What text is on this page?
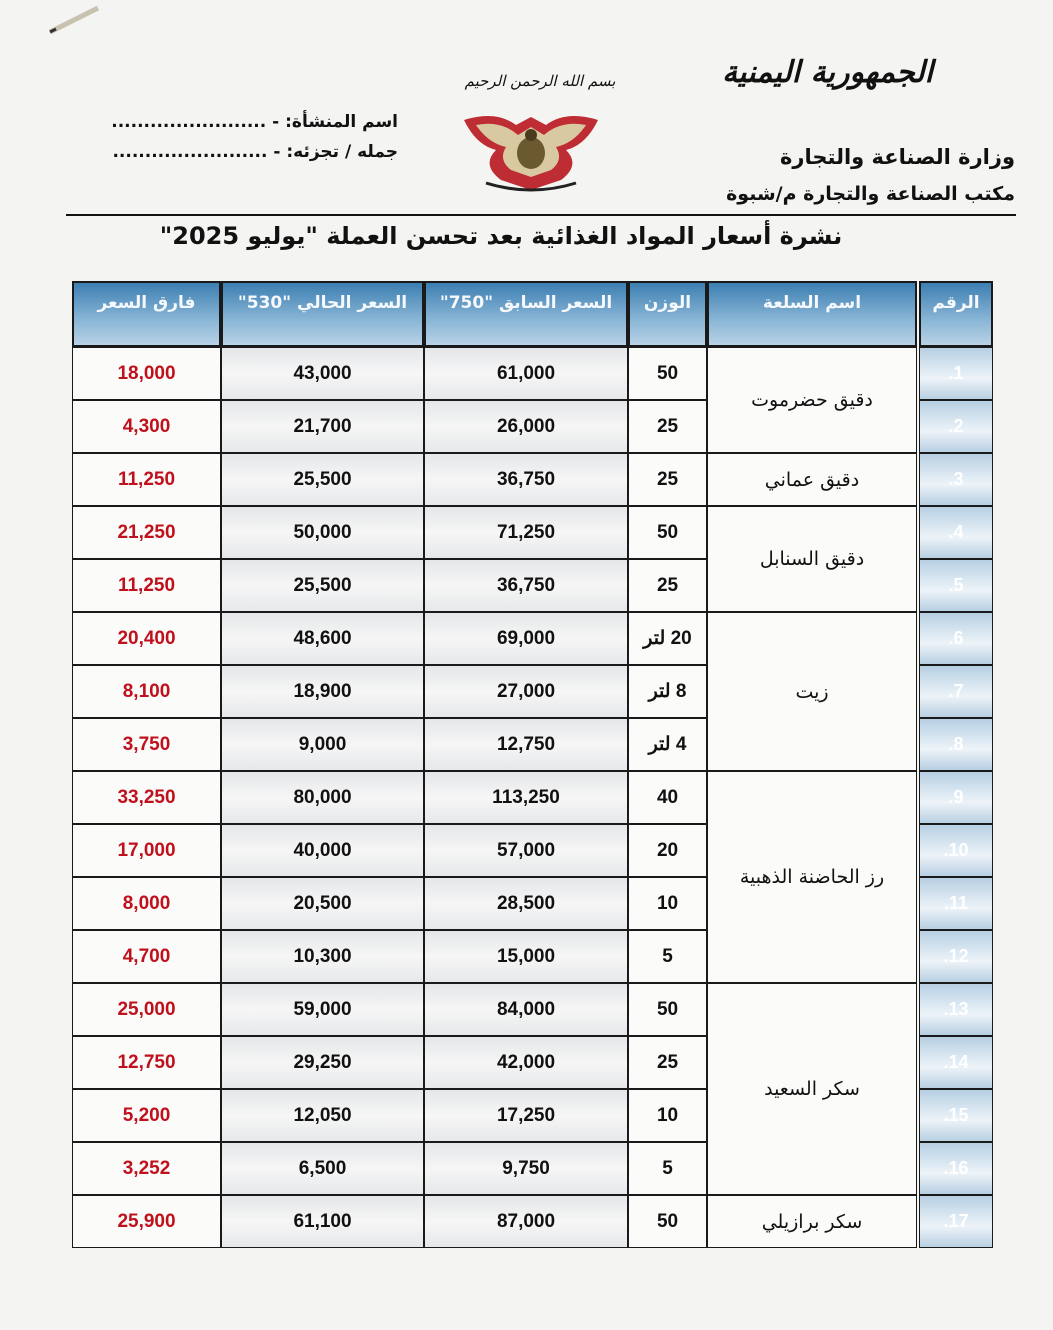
الجمهورية اليمنية
وزارة الصناعة والتجارة
مكتب الصناعة والتجارة م/شبوة
بسم الله الرحمن الرحيم
اسم المنشأة: - ........................
جمله / تجزئه: - ........................
نشرة أسعار المواد الغذائية بعد تحسن العملة "يوليو 2025"
الرقم
اسم السلعة
الوزن
السعر السابق "750"
السعر الحالي "530"
فارق السعر
.1
50
61,000
43,000
18,000
.2
25
26,000
21,700
4,300
.3
25
36,750
25,500
11,250
.4
50
71,250
50,000
21,250
.5
25
36,750
25,500
11,250
.6
20 لتر
69,000
48,600
20,400
.7
8 لتر
27,000
18,900
8,100
.8
4 لتر
12,750
9,000
3,750
.9
40
113,250
80,000
33,250
.10
20
57,000
40,000
17,000
.11
10
28,500
20,500
8,000
.12
5
15,000
10,300
4,700
.13
50
84,000
59,000
25,000
.14
25
42,000
29,250
12,750
.15
10
17,250
12,050
5,200
.16
5
9,750
6,500
3,252
.17
50
87,000
61,100
25,900
دقيق حضرموت
دقيق عماني
دقيق السنابل
زيت
رز الحاضنة الذهبية
سكر السعيد
سكر برازيلي
